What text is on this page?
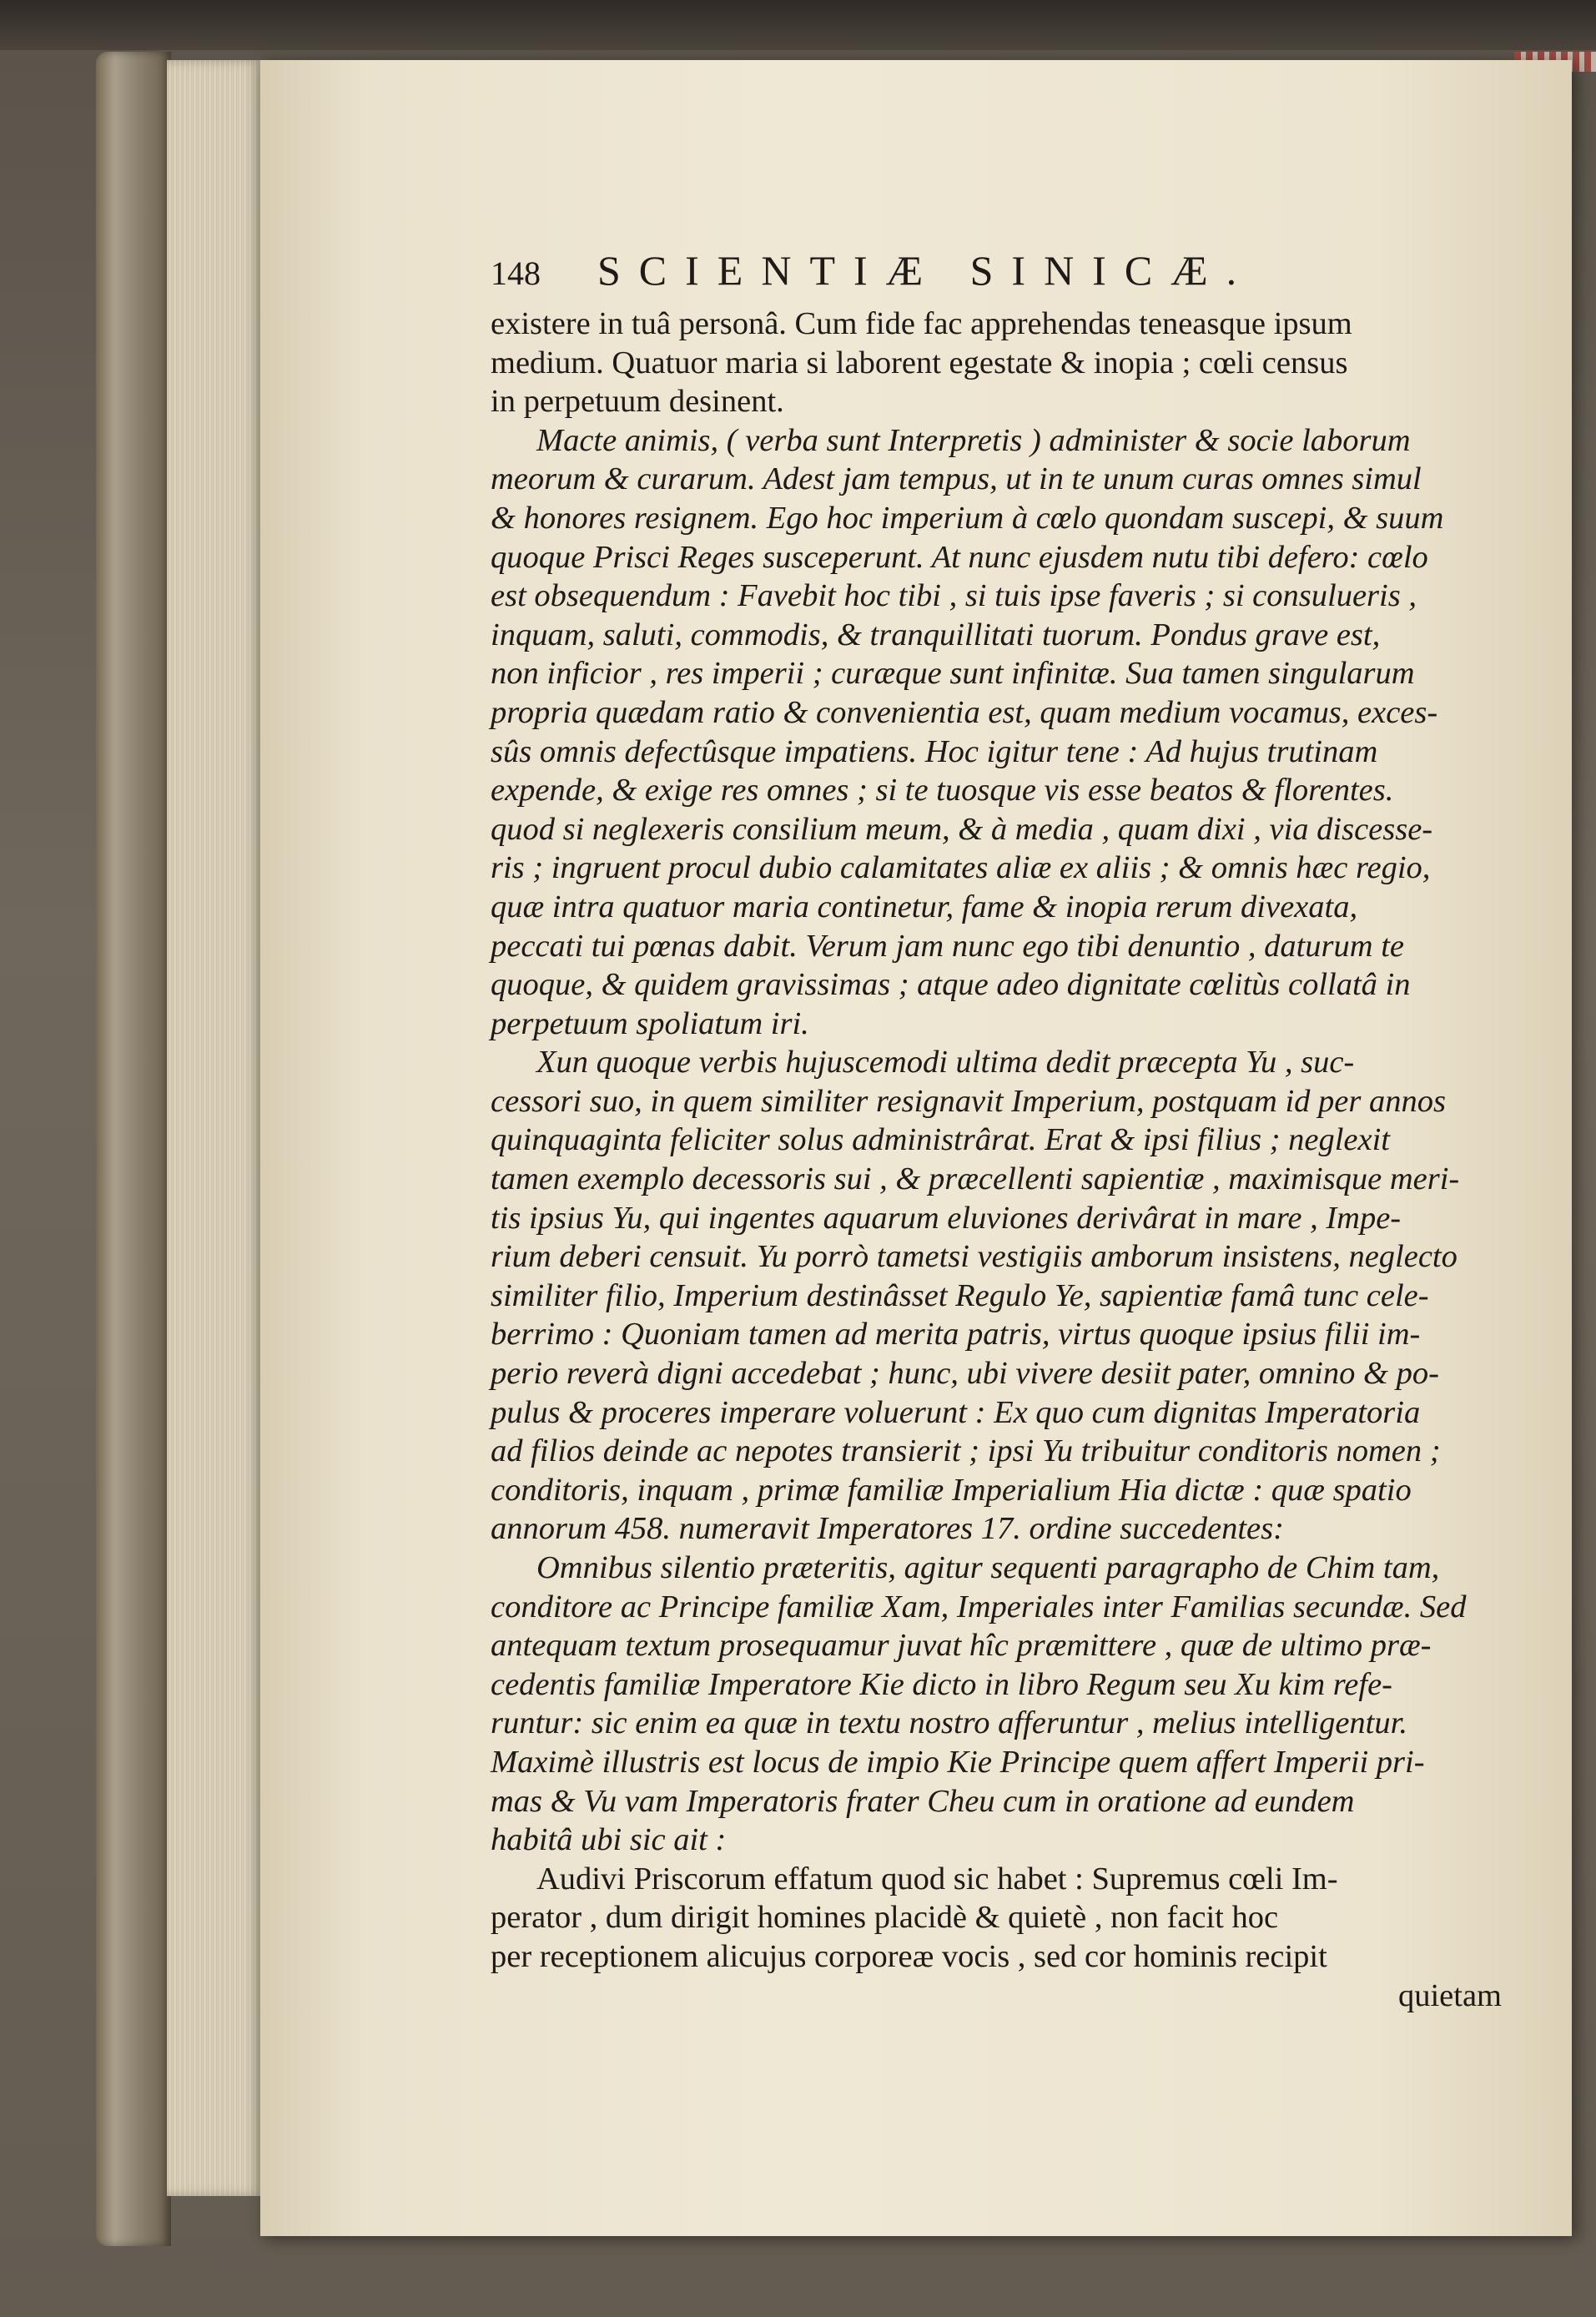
148	SCIENTIÆ SINICÆ.
existere in tuâ personâ. Cum fide fac apprehendas teneasque ipsum
medium. Quatuor maria si laborent egestate & inopia ; cœli census
in perpetuum desinent.
Macte animis, ( verba sunt Interpretis ) administer & socie laborum
meorum & curarum. Adest jam tempus, ut in te unum curas omnes simul
& honores resignem. Ego hoc imperium à cœlo quondam suscepi, & suum
quoque Prisci Reges susceperunt. At nunc ejusdem nutu tibi defero: cœlo
est obsequendum : Favebit hoc tibi , si tuis ipse faveris ; si consulueris ,
inquam, saluti, commodis, & tranquillitati tuorum. Pondus grave est,
non inficior , res imperii ; curæque sunt infinitæ. Sua tamen singularum
propria quædam ratio & convenientia est, quam medium vocamus, exces-
sûs omnis defectûsque impatiens. Hoc igitur tene : Ad hujus trutinam
expende, & exige res omnes ; si te tuosque vis esse beatos & florentes.
quod si neglexeris consilium meum, & à media , quam dixi , via discesse-
ris ; ingruent procul dubio calamitates aliæ ex aliis ; & omnis hæc regio,
quæ intra quatuor maria continetur, fame & inopia rerum divexata,
peccati tui pœnas dabit. Verum jam nunc ego tibi denuntio , daturum te
quoque, & quidem gravissimas ; atque adeo dignitate cœlitùs collatâ in
perpetuum spoliatum iri.
Xun quoque verbis hujuscemodi ultima dedit præcepta Yu , suc-
cessori suo, in quem similiter resignavit Imperium, postquam id per annos
quinquaginta feliciter solus administrârat. Erat & ipsi filius ; neglexit
tamen exemplo decessoris sui , & præcellenti sapientiæ , maximisque meri-
tis ipsius Yu, qui ingentes aquarum eluviones derivârat in mare , Impe-
rium deberi censuit. Yu porrò tametsi vestigiis amborum insistens, neglecto
similiter filio, Imperium destinâsset Regulo Ye, sapientiæ famâ tunc cele-
berrimo : Quoniam tamen ad merita patris, virtus quoque ipsius filii im-
perio reverà digni accedebat ; hunc, ubi vivere desiit pater, omnino & po-
pulus & proceres imperare voluerunt : Ex quo cum dignitas Imperatoria
ad filios deinde ac nepotes transierit ; ipsi Yu tribuitur conditoris nomen ;
conditoris, inquam , primæ familiæ Imperialium Hia dictæ : quæ spatio
annorum 458. numeravit Imperatores 17. ordine succedentes:
Omnibus silentio præteritis, agitur sequenti paragrapho de Chim tam,
conditore ac Principe familiæ Xam, Imperiales inter Familias secundæ. Sed
antequam textum prosequamur juvat hîc præmittere , quæ de ultimo præ-
cedentis familiæ Imperatore Kie dicto in libro Regum seu Xu kim refe-
runtur: sic enim ea quæ in textu nostro afferuntur , melius intelligentur.
Maximè illustris est locus de impio Kie Principe quem affert Imperii pri-
mas & Vu vam Imperatoris frater Cheu cum in oratione ad eundem
habitâ ubi sic ait :
Audivi Priscorum effatum quod sic habet : Supremus cœli Im-
perator , dum dirigit homines placidè & quietè , non facit hoc
per receptionem alicujus corporeæ vocis , sed cor hominis recipit
quietam
